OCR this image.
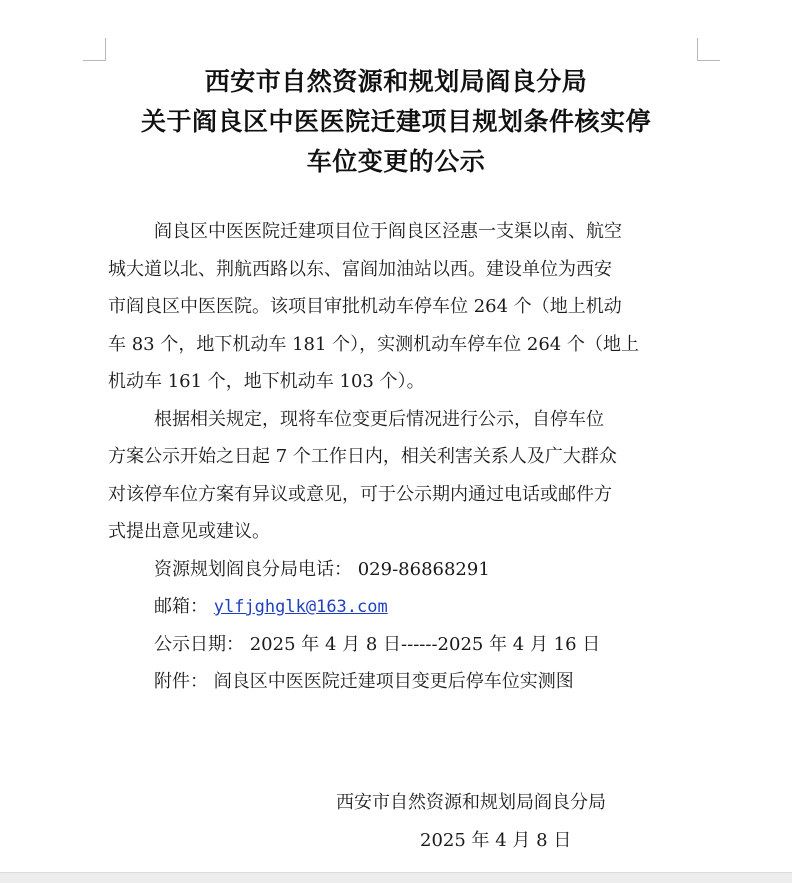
西安市自然资源和规划局阎良分局
关于阎良区中医医院迁建项目规划条件核实停
车位变更的公示
阎良区中医医院迁建项目位于阎良区泾惠一支渠以南、航空
城大道以北、荆航西路以东、富阎加油站以西。建设单位为西安
市阎良区中医医院。该项目审批机动车停车位 264 个（地上机动
车 83 个，地下机动车 181 个），实测机动车停车位 264 个（地上
机动车 161 个，地下机动车 103 个）。
根据相关规定，现将车位变更后情况进行公示，自停车位
方案公示开始之日起 7 个工作日内，相关利害关系人及广大群众
对该停车位方案有异议或意见，可于公示期内通过电话或邮件方
式提出意见或建议。
资源规划阎良分局电话： 029-86868291
邮箱： ylfjghglk@163.com
公示日期： 2025 年 4 月 8 日------2025 年 4 月 16 日
附件： 阎良区中医医院迁建项目变更后停车位实测图
西安市自然资源和规划局阎良分局
2025 年 4 月 8 日
